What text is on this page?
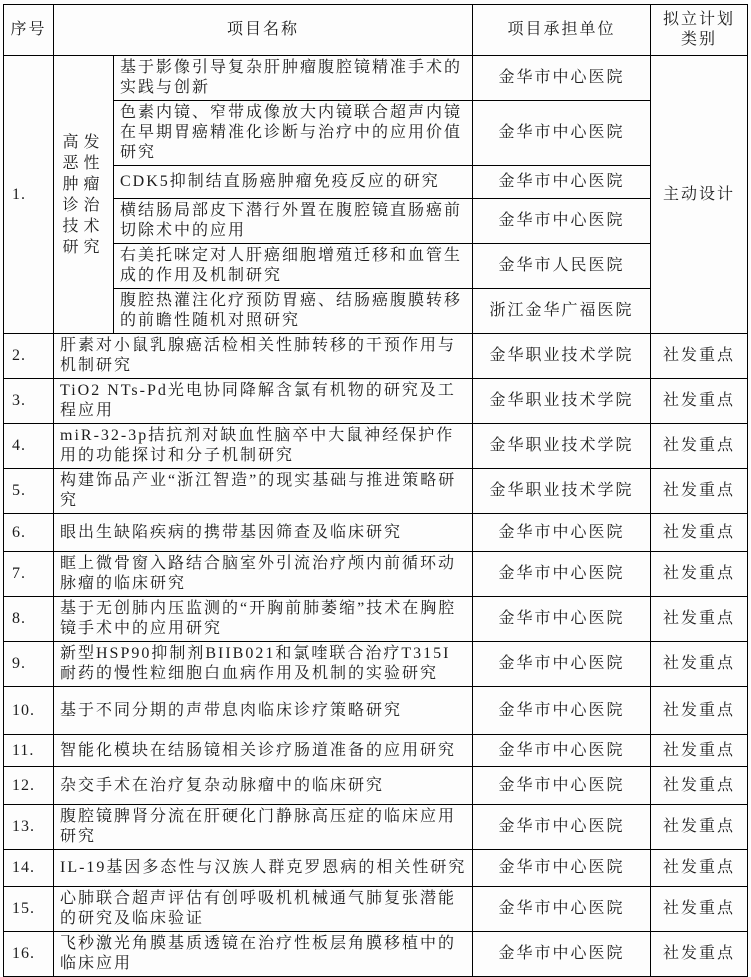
序号	项目名称		项目承担单位	拟立计划类别
1.	高发恶性肿瘤诊治技术研究	基于影像引导复杂肝肿瘤腹腔镜精准手术的实践与创新	金华市中心医院	主动设计
		色素内镜、窄带成像放大内镜联合超声内镜在早期胃癌精准化诊断与治疗中的应用价值研究	金华市中心医院	
		CDK5抑制结直肠癌肿瘤免疫反应的研究	金华市中心医院	
		横结肠局部皮下潜行外置在腹腔镜直肠癌前切除术中的应用	金华市中心医院	
		右美托咪定对人肝癌细胞增殖迁移和血管生成的作用及机制研究	金华市人民医院	
		腹腔热灌注化疗预防胃癌、结肠癌腹膜转移的前瞻性随机对照研究	浙江金华广福医院	
2.	肝素对小鼠乳腺癌活检相关性肺转移的干预作用与机制研究		金华职业技术学院	社发重点
3.	TiO2 NTs-Pd光电协同降解含氯有机物的研究及工程应用		金华职业技术学院	社发重点
4.	miR-32-3p拮抗剂对缺血性脑卒中大鼠神经保护作用的功能探讨和分子机制研究		金华职业技术学院	社发重点
5.	构建饰品产业“浙江智造”的现实基础与推进策略研究		金华职业技术学院	社发重点
6.	眼出生缺陷疾病的携带基因筛查及临床研究		金华市中心医院	社发重点
7.	眶上微骨窗入路结合脑室外引流治疗颅内前循环动脉瘤的临床研究		金华市中心医院	社发重点
8.	基于无创肺内压监测的“开胸前肺萎缩”技术在胸腔镜手术中的应用研究		金华市中心医院	社发重点
9.	新型HSP90抑制剂BIIB021和氯喹联合治疗T315I耐药的慢性粒细胞白血病作用及机制的实验研究		金华市中心医院	社发重点
10.	基于不同分期的声带息肉临床诊疗策略研究		金华市中心医院	社发重点
11.	智能化模块在结肠镜相关诊疗肠道准备的应用研究		金华市中心医院	社发重点
12.	杂交手术在治疗复杂动脉瘤中的临床研究		金华市中心医院	社发重点
13.	腹腔镜脾肾分流在肝硬化门静脉高压症的临床应用研究		金华市中心医院	社发重点
14.	IL-19基因多态性与汉族人群克罗恩病的相关性研究		金华市中心医院	社发重点
15.	心肺联合超声评估有创呼吸机机械通气肺复张潜能的研究及临床验证		金华市中心医院	社发重点
16.	飞秒激光角膜基质透镜在治疗性板层角膜移植中的临床应用		金华市中心医院	社发重点
